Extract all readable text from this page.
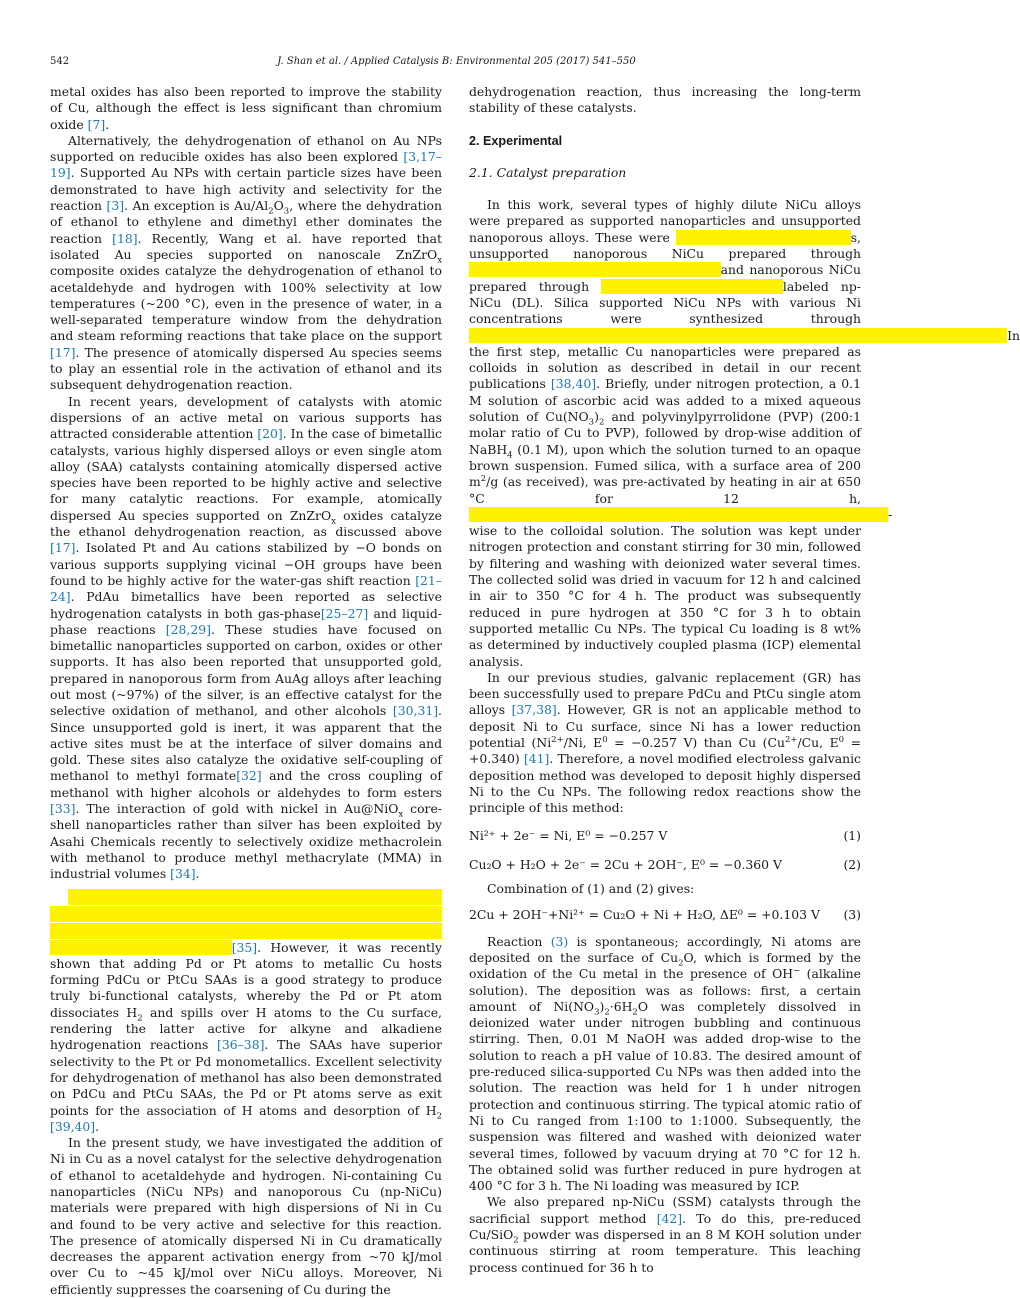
542	J. Shan et al. / Applied Catalysis B: Environmental 205 (2017) 541–550

metal oxides has also been reported to improve the stability of Cu, although the effect is less significant than chromium oxide [7].

Alternatively, the dehydrogenation of ethanol on Au NPs supported on reducible oxides has also been explored [3,17–19]. Supported Au NPs with certain particle sizes have been demonstrated to have high activity and selectivity for the reaction [3]. An exception is $Au/Al_2O_3$, where the dehydration of ethanol to ethylene and dimethyl ether dominates the reaction [18]. Recently, Wang et al. have reported that isolated Au species supported on nanoscale ZnZrO$_x$ composite oxides catalyze the dehydrogenation of ethanol to acetaldehyde and hydrogen with 100% selectivity at low temperatures (~200 °C), even in the presence of water, in a well-separated temperature window from the dehydration and steam reforming reactions that take place on the support [17]. The presence of atomically dispersed Au species seems to play an essential role in the activation of ethanol and its subsequent dehydrogenation reaction.

In recent years, development of catalysts with atomic dispersions of an active metal on various supports has attracted considerable attention [20]. In the case of bimetallic catalysts, various highly dispersed alloys or even single atom alloy (SAA) catalysts containing atomically dispersed active species have been reported to be highly active and selective for many catalytic reactions. For example, atomically dispersed Au species supported on ZnZrO$_x$ oxides catalyze the ethanol dehydrogenation reaction, as discussed above [17]. Isolated Pt and Au cations stabilized by −O bonds on various supports supplying vicinal −OH groups have been found to be highly active for the water-gas shift reaction [21–24]. PdAu bimetallics have been reported as selective hydrogenation catalysts in both gas-phase[25–27] and liquid-phase reactions [28,29]. These studies have focused on bimetallic nanoparticles supported on carbon, oxides or other supports. It has also been reported that unsupported gold, prepared in nanoporous form from AuAg alloys after leaching out most (~97%) of the silver, is an effective catalyst for the selective oxidation of methanol, and other alcohols [30,31]. Since unsupported gold is inert, it was apparent that the active sites must be at the interface of silver domains and gold. These sites also catalyze the oxidative self-coupling of methanol to methyl formate[32] and the cross coupling of methanol with higher alcohols or aldehydes to form esters [33]. The interaction of gold with nickel in Au@NiO$_x$ core-shell nanoparticles rather than silver has been exploited by Asahi Chemicals recently to selectively oxidize methacrolein with methanol to produce methyl methacrylate (MMA) in industrial volumes [34].

xxxxxxxxxxxxxxxxxxxxxxxxxx[35]. However, it was recently shown that adding Pd or Pt atoms to metallic Cu hosts forming PdCu or PtCu SAAs is a good strategy to produce truly bi-functional catalysts, whereby the Pd or Pt atom dissociates $H_2$ and spills over H atoms to the Cu surface, rendering the latter active for alkyne and alkadiene hydrogenation reactions [36–38]. The SAAs have superior selectivity to the Pt or Pd monometallics. Excellent selectivity for dehydrogenation of methanol has also been demonstrated on PdCu and PtCu SAAs, the Pd or Pt atoms serve as exit points for the association of H atoms and desorption of $H_2$ [39,40].

In the present study, we have investigated the addition of Ni in Cu as a novel catalyst for the selective dehydrogenation of ethanol to acetaldehyde and hydrogen. Ni-containing Cu nanoparticles (NiCu NPs) and nanoporous Cu (np-NiCu) materials were prepared with high dispersions of Ni in Cu and found to be very active and selective for this reaction. The presence of atomically dispersed Ni in Cu dramatically decreases the apparent activation energy from ~70 kJ/mol over Cu to ~45 kJ/mol over NiCu alloys. Moreover, Ni efficiently suppresses the coarsening of Cu during the

dehydrogenation reaction, thus increasing the long-term stability of these catalysts.

2. Experimental
2.1. Catalyst preparation

In this work, several types of highly dilute NiCu alloys were prepared as supported nanoparticles and unsupported nanoporous alloys. These were xxxxxxxxxxxxxxxxxxxxxxxxxs, unsupported nanoporous NiCu prepared through xxxxxxxxxxxxxxxxxxxxxxxxxxxxxxxxxxxxand nanoporous NiCu prepared through xxxxxxxxxxxxxxxxxxxxxxxxxxlabeled np-NiCu (DL). Silica supported NiCu NPs with various Ni concentrations were synthesized through xxxxxxxxxxxxxxxxxxxxxxxxxxxxxxxxxxxxxxxxxxxxxxxxxxxxxxxxxxxxxxxxxxxxxxxxxxxxxIn the first step, metallic Cu nanoparticles were prepared as colloids in solution as described in detail in our recent publications [38,40]. Briefly, under nitrogen protection, a 0.1 M solution of ascorbic acid was added to a mixed aqueous solution of $Cu(NO_3)_2$ and polyvinylpyrrolidone (PVP) (200:1 molar ratio of Cu to PVP), followed by drop-wise addition of NaBH$_4$ (0.1 M), upon which the solution turned to an opaque brown suspension. Fumed silica, with a surface area of 200 $m^2/g$ (as received), was pre-activated by heating in air at 650 °C for 12 h, xxxxxxxxxxxxxxxxxxxxxxxxxxxxxxxxxxxxxxxxxxxxxxxxxxxxxxxxxxxx-wise to the colloidal solution. The solution was kept under nitrogen protection and constant stirring for 30 min, followed by filtering and washing with deionized water several times. The collected solid was dried in vacuum for 12 h and calcined in air to 350 °C for 4 h. The product was subsequently reduced in pure hydrogen at 350 °C for 3 h to obtain supported metallic Cu NPs. The typical Cu loading is 8 wt% as determined by inductively coupled plasma (ICP) elemental analysis.

In our previous studies, galvanic replacement (GR) has been successfully used to prepare PdCu and PtCu single atom alloys [37,38]. However, GR is not an applicable method to deposit Ni to Cu surface, since Ni has a lower reduction potential ($Ni^{2+}/Ni$, $E^0 = -0.257$ V) than Cu ($Cu^{2+}/Cu$, $E^0 = +0.340$) [41]. Therefore, a novel modified electroless galvanic deposition method was developed to deposit highly dispersed Ni to the Cu NPs. The following redox reactions show the principle of this method:

Ni²⁺ + 2e⁻ = Ni, E⁰ = −0.257 V	(1)
Cu₂O + H₂O + 2e⁻ = 2Cu + 2OH⁻, E⁰ = −0.360 V	(2)

Combination of (1) and (2) gives:

2Cu + 2OH⁻+Ni²⁺ = Cu₂O + Ni + H₂O, ΔE⁰ = +0.103 V (3)

Reaction (3) is spontaneous; accordingly, Ni atoms are deposited on the surface of $Cu_2O$, which is formed by the oxidation of the Cu metal in the presence of OH− (alkaline solution). The deposition was as follows: first, a certain amount of $Ni(NO_3)_2\cdot 6H_2O$ was completely dissolved in deionized water under nitrogen bubbling and continuous stirring. Then, 0.01 M NaOH was added drop-wise to the solution to reach a pH value of 10.83. The desired amount of pre-reduced silica-supported Cu NPs was then added into the solution. The reaction was held for 1 h under nitrogen protection and continuous stirring. The typical atomic ratio of Ni to Cu ranged from 1:100 to 1:1000. Subsequently, the suspension was filtered and washed with deionized water several times, followed by vacuum drying at 70 °C for 12 h. The obtained solid was further reduced in pure hydrogen at 400 °C for 3 h. The Ni loading was measured by ICP.

We also prepared np-NiCu (SSM) catalysts through the sacrificial support method [42]. To do this, pre-reduced Cu/SiO$_2$ powder was dispersed in an 8 M KOH solution under continuous stirring at room temperature. This leaching process continued for 36 h to
